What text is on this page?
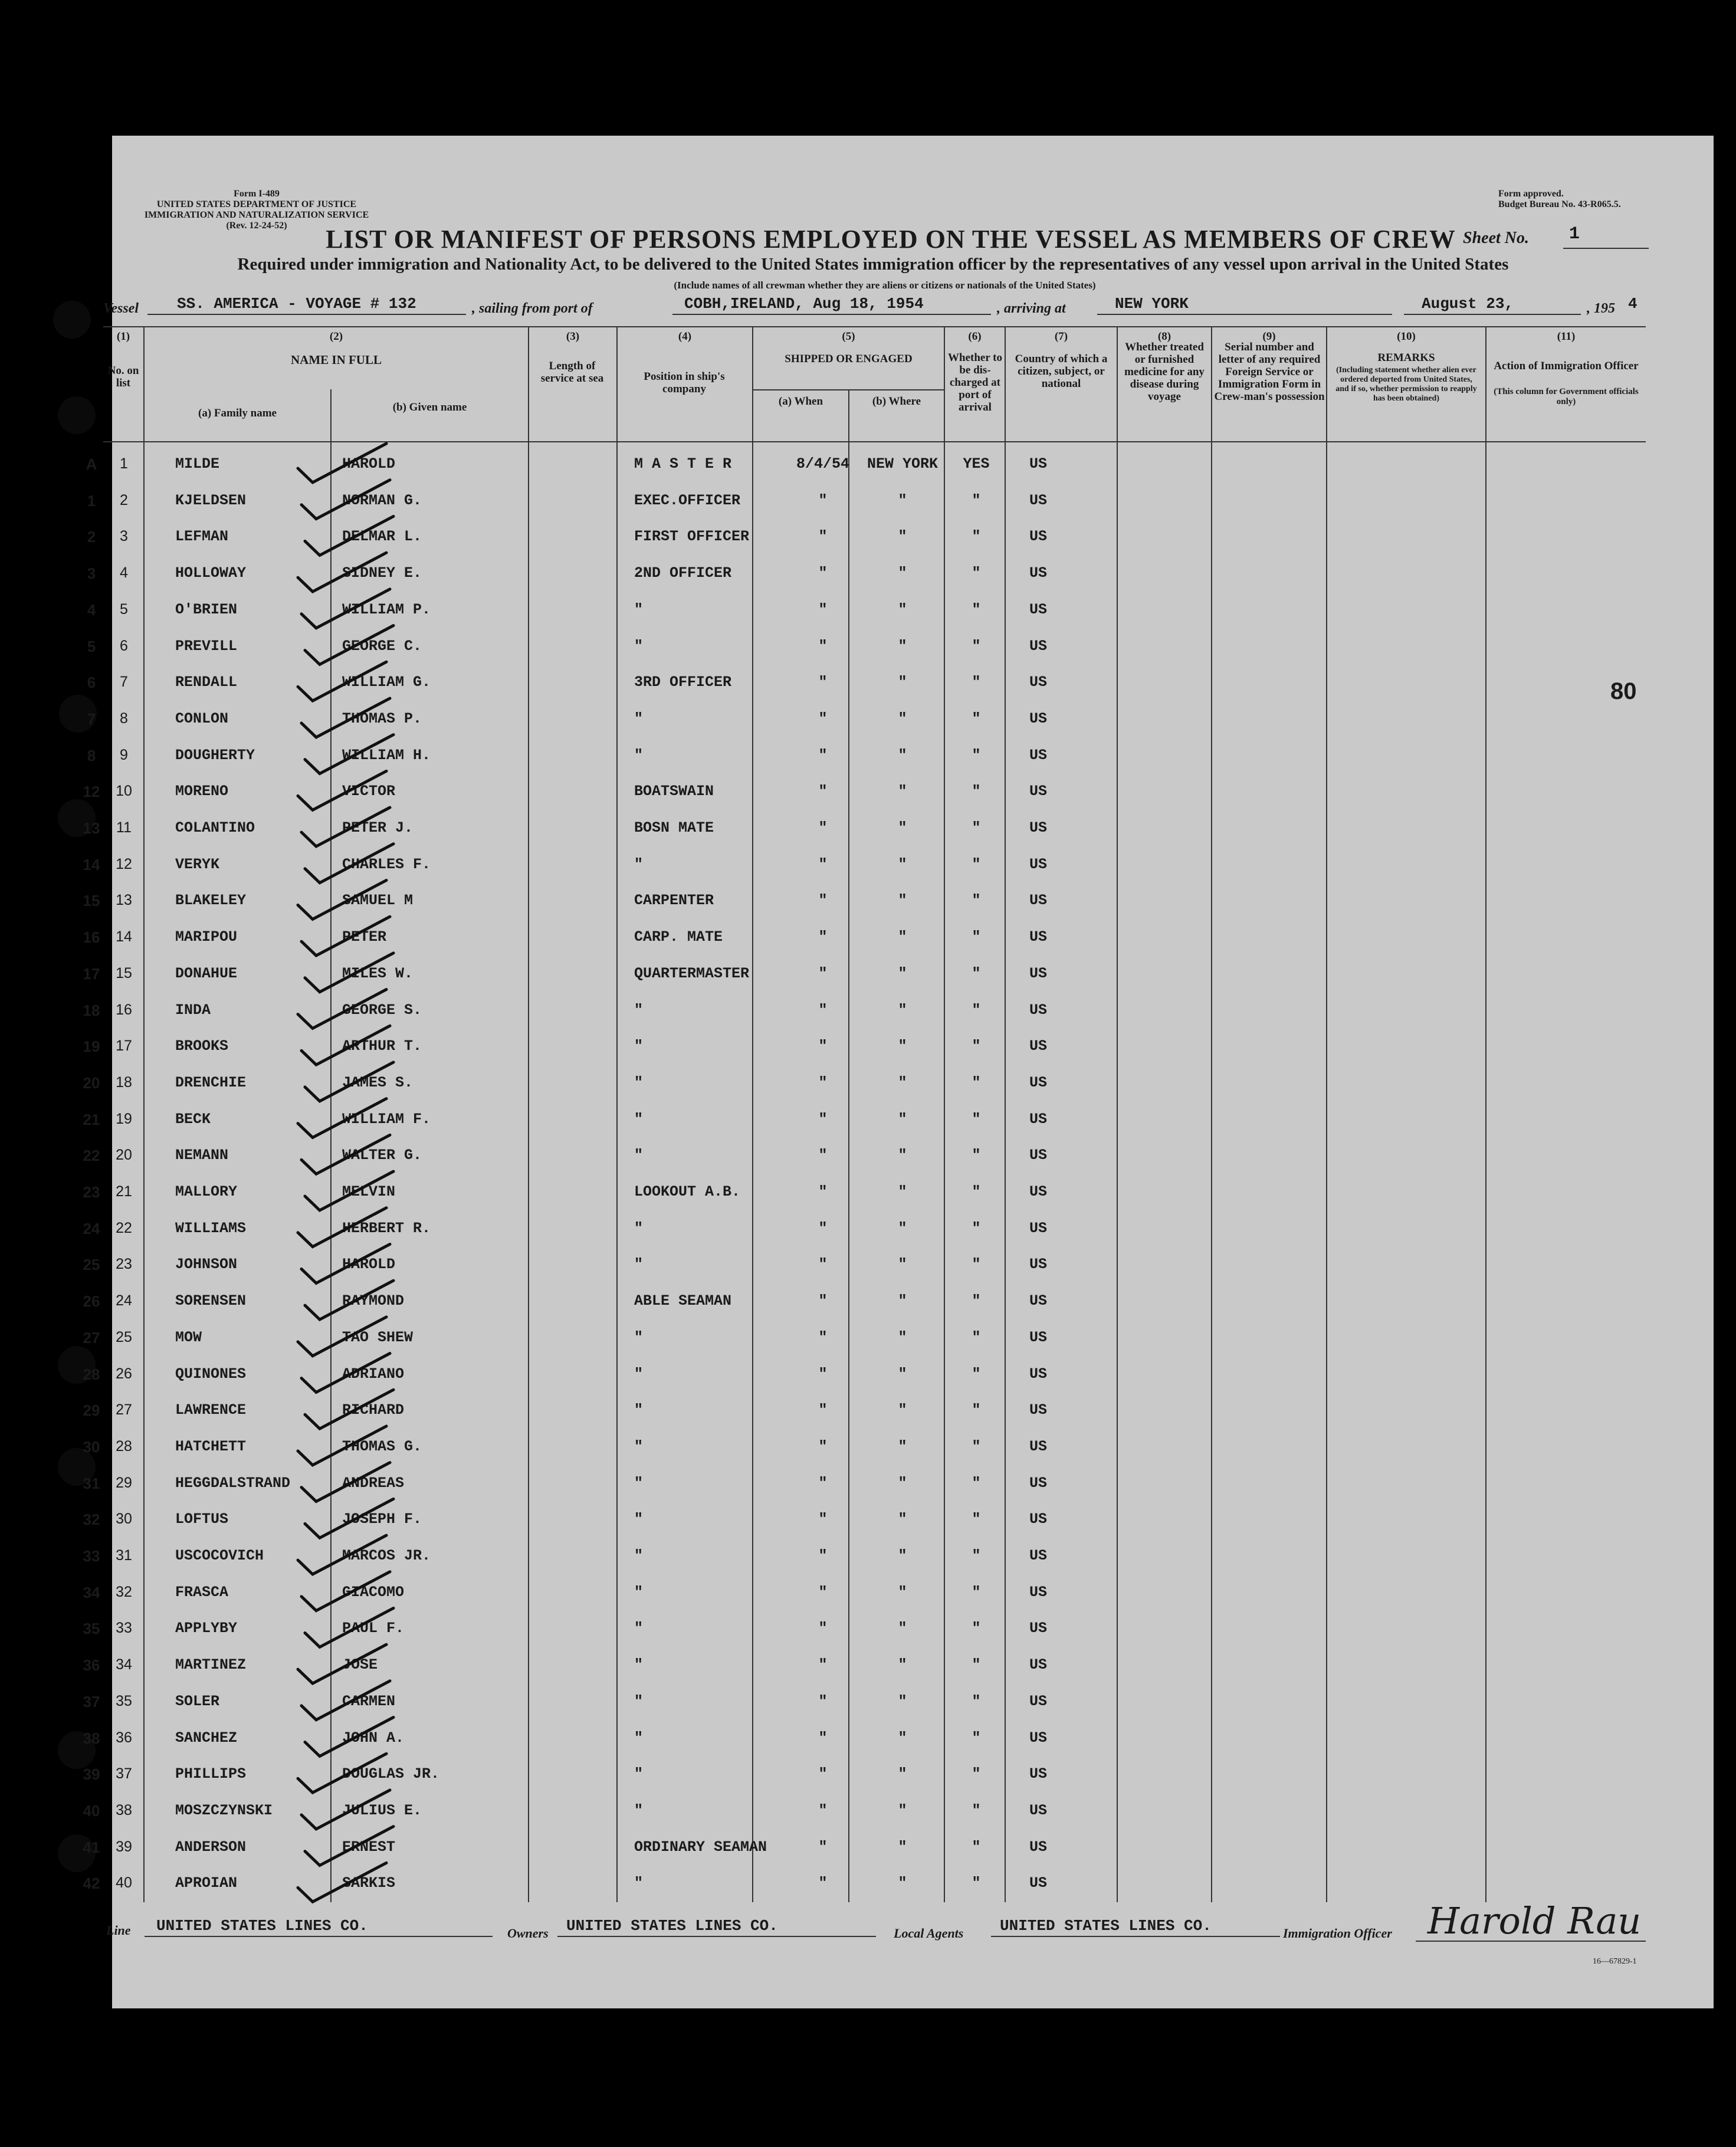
Form I-489
UNITED STATES DEPARTMENT OF JUSTICE
IMMIGRATION AND NATURALIZATION SERVICE
(Rev. 12-24-52)
Form approved.
Budget Bureau No. 43-R065.5.
LIST OR MANIFEST OF PERSONS EMPLOYED ON THE VESSEL AS MEMBERS OF CREW Sheet No. 1
Required under immigration and Nationality Act, to be delivered to the United States immigration officer by the representatives of any vessel upon arrival in the United States
(Include names of all crewman whether they are aliens or citizens or nationals of the United States)
Vessel	SS. AMERICA - VOYAGE # 132	, sailing from port of	COBH,IRELAND, Aug 18, 1954	, arriving at	NEW YORK	August 23,	, 195 4
(1)
No. on list
(2)
NAME IN FULL
(a) Family name	(b) Given name
(3)
Length of service at sea
(4)
Position in ship's company
(5)
SHIPPED OR ENGAGED
(a) When	(b) Where
(6)
Whether to be dis-charged at port of arrival
(7)
Country of which a citizen, subject, or national
(8)
Whether treated or furnished medicine for any disease during voyage
(9)
Serial number and letter of any required Foreign Service or Immigration Form in Crew-man's possession
(10)
REMARKS
(Including statement whether alien ever ordered deported from United States, and if so, whether permission to reapply has been obtained)
(11)
Action of Immigration Officer
(This column for Government officials only)
A	1	MILDE	HAROLD	M A S T E R	8/4/54	NEW YORK	YES	US
1	2	KJELDSEN	NORMAN G.	EXEC.OFFICER	"	"	"	US
2	3	LEFMAN	DELMAR L.	FIRST OFFICER	"	"	"	US
3	4	HOLLOWAY	SIDNEY E.	2ND OFFICER	"	"	"	US
4	5	O'BRIEN	WILLIAM P.	"	"	"	"	US
5	6	PREVILL	GEORGE C.	"	"	"	"	US
6	7	RENDALL	WILLIAM G.	3RD OFFICER	"	"	"	US
7	8	CONLON	THOMAS P.	"	"	"	"	US
8	9	DOUGHERTY	WILLIAM H.	"	"	"	"	US
12	10	MORENO	VICTOR	BOATSWAIN	"	"	"	US
13	11	COLANTINO	PETER J.	BOSN MATE	"	"	"	US
14	12	VERYK	CHARLES F.	"	"	"	"	US
15	13	BLAKELEY	SAMUEL M	CARPENTER	"	"	"	US
16	14	MARIPOU	PETER	CARP. MATE	"	"	"	US
17	15	DONAHUE	MILES W.	QUARTERMASTER	"	"	"	US
18	16	INDA	GEORGE S.	"	"	"	"	US
19	17	BROOKS	ARTHUR T.	"	"	"	"	US
20	18	DRENCHIE	JAMES S.	"	"	"	"	US
21	19	BECK	WILLIAM F.	"	"	"	"	US
22	20	NEMANN	WALTER G.	"	"	"	"	US
23	21	MALLORY	MELVIN	LOOKOUT A.B.	"	"	"	US
24	22	WILLIAMS	HERBERT R.	"	"	"	"	US
25	23	JOHNSON	HAROLD	"	"	"	"	US
26	24	SORENSEN	RAYMOND	ABLE SEAMAN	"	"	"	US
27	25	MOW	TAO SHEW	"	"	"	"	US
28	26	QUINONES	ADRIANO	"	"	"	"	US
29	27	LAWRENCE	RICHARD	"	"	"	"	US
30	28	HATCHETT	THOMAS G.	"	"	"	"	US
31	29	HEGGDALSTRAND	ANDREAS	"	"	"	"	US
32	30	LOFTUS	JOSEPH F.	"	"	"	"	US
33	31	USCOCOVICH	MARCOS JR.	"	"	"	"	US
34	32	FRASCA	GIACOMO	"	"	"	"	US
35	33	APPLYBY	PAUL F.	"	"	"	"	US
36	34	MARTINEZ	JOSE	"	"	"	"	US
37	35	SOLER	CARMEN	"	"	"	"	US
38	36	SANCHEZ	JOHN A.	"	"	"	"	US
39	37	PHILLIPS	DOUGLAS JR.	"	"	"	"	US
40	38	MOSZCZYNSKI	JULIUS E.	"	"	"	"	US
41	39	ANDERSON	ERNEST	ORDINARY SEAMAN	"	"	"	US
42	40	APROIAN	SARKIS	"	"	"	"	US
80
Line UNITED STATES LINES CO.	Owners UNITED STATES LINES CO.	Local Agents UNITED STATES LINES CO.	Immigration Officer Harold Rau
16—67829-1
